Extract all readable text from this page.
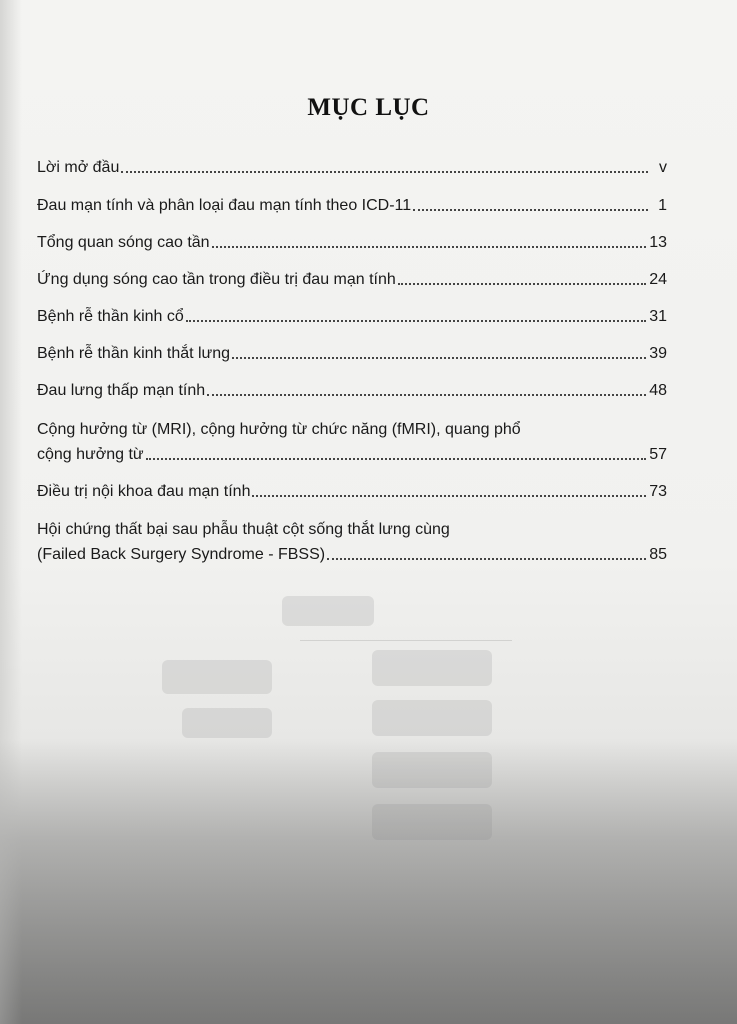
MỤC LỤC
Lời mở đầu	v
Đau mạn tính và phân loại đau mạn tính theo ICD-11	1
Tổng quan sóng cao tần	13
Ứng dụng sóng cao tần trong điều trị đau mạn tính	24
Bệnh rễ thần kinh cổ	31
Bệnh rễ thần kinh thắt lưng	39
Đau lưng thấp mạn tính	48
Cộng hưởng từ (MRI), cộng hưởng từ chức năng (fMRI), quang phổ
cộng hưởng từ	57
Điều trị nội khoa đau mạn tính	73
Hội chứng thất bại sau phẫu thuật cột sống thắt lưng cùng
(Failed Back Surgery Syndrome - FBSS)	85
